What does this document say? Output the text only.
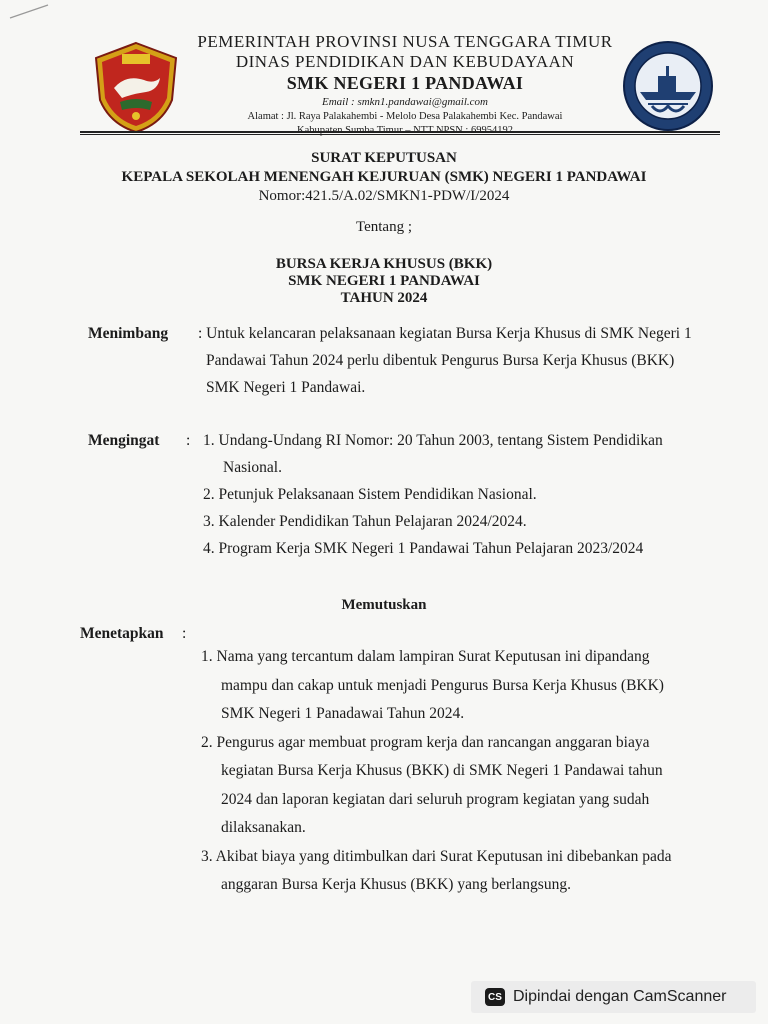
PEMERINTAH PROVINSI NUSA TENGGARA TIMUR
DINAS PENDIDIKAN DAN KEBUDAYAAN
SMK NEGERI 1 PANDAWAI
Email : smkn1.pandawai@gmail.com
Alamat : Jl. Raya Palakahembi - Melolo Desa Palakahembi Kec. Pandawai
SURAT KEPUTUSAN
KEPALA SEKOLAH MENENGAH KEJURUAN (SMK) NEGERI 1 PANDAWAI
Nomor:421.5/A.02/SMKN1-PDW/I/2024
Tentang ;
BURSA KERJA KHUSUS (BKK)
SMK NEGERI 1 PANDAWAI
TAHUN 2024
Menimbang : Untuk kelancaran pelaksanaan kegiatan Bursa Kerja Khusus di SMK Negeri 1
Pandawai Tahun 2024 perlu dibentuk Pengurus Bursa Kerja Khusus (BKK)
SMK Negeri 1 Pandawai.
Mengingat : 1. Undang-Undang RI Nomor: 20 Tahun 2003, tentang Sistem Pendidikan
Nasional.
2. Petunjuk Pelaksanaan Sistem Pendidikan Nasional.
3. Kalender Pendidikan Tahun Pelajaran 2024/2024.
4. Program Kerja SMK Negeri 1 Pandawai Tahun Pelajaran 2023/2024
Memutuskan
Menetapkan :
1. Nama yang tercantum dalam lampiran Surat Keputusan ini dipandang
mampu dan cakap untuk menjadi Pengurus Bursa Kerja Khusus (BKK)
SMK Negeri 1 Panadawai Tahun 2024.
2. Pengurus agar membuat program kerja dan rancangan anggaran biaya
kegiatan Bursa Kerja Khusus (BKK) di SMK Negeri 1 Pandawai tahun
2024 dan laporan kegiatan dari seluruh program kegiatan yang sudah
dilaksanakan.
3. Akibat biaya yang ditimbulkan dari Surat Keputusan ini dibebankan pada
anggaran Bursa Kerja Khusus (BKK) yang berlangsung.
CS Dipindai dengan CamScanner
